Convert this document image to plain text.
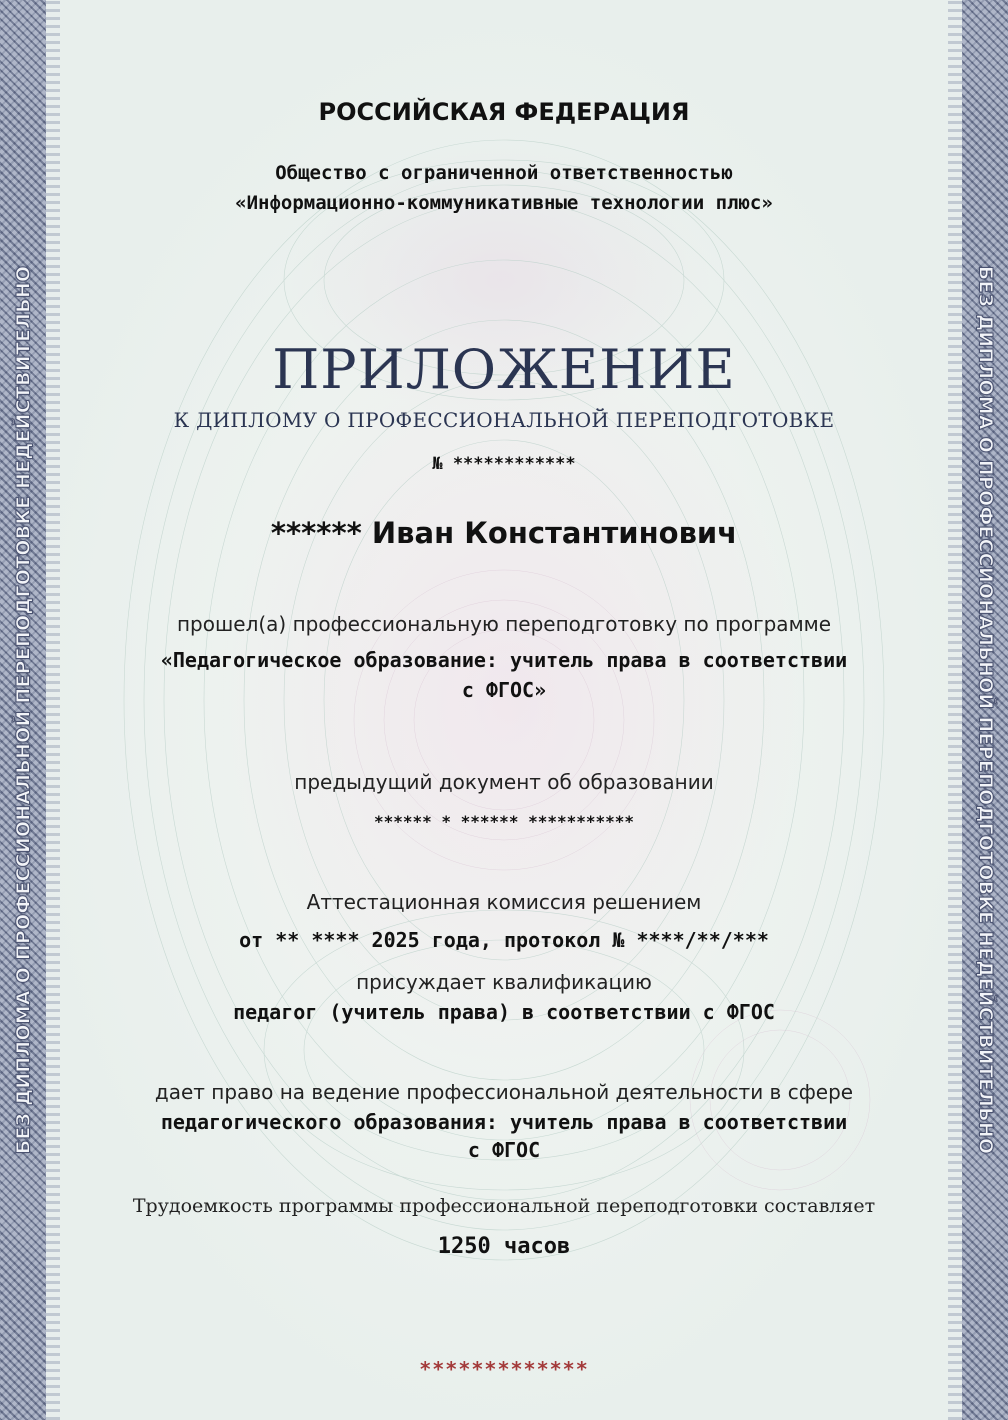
БЕЗ ДИПЛОМА О ПРОФЕССИОНАЛЬНОЙ ПЕРЕПОДГОТОВКЕ НЕДЕЙСТВИТЕЛЬНО	БЕЗ ДИПЛОМА О ПРОФЕССИОНАЛЬНОЙ ПЕРЕПОДГОТОВКЕ НЕДЕЙСТВИТЕЛЬНО
РОССИЙСКАЯ ФЕДЕРАЦИЯ
Общество с ограниченной ответственностью
«Информационно-коммуникативные технологии плюс»
ПРИЛОЖЕНИЕ
К ДИПЛОМУ О ПРОФЕССИОНАЛЬНОЙ ПЕРЕПОДГОТОВКЕ
№ ************
****** Иван Константинович
прошел(а) профессиональную переподготовку по программе
«Педагогическое образование: учитель права в соответствии
с ФГОС»
предыдущий документ об образовании
****** * ****** ***********
Аттестационная комиссия решением
от ** **** 2025 года, протокол № ****/**/***
присуждает квалификацию
педагог (учитель права) в соответствии с ФГОС
дает право на ведение профессиональной деятельности в сфере
педагогического образования: учитель права в соответствии
с ФГОС
Трудоемкость программы профессиональной переподготовки составляет
1250 часов
*************
